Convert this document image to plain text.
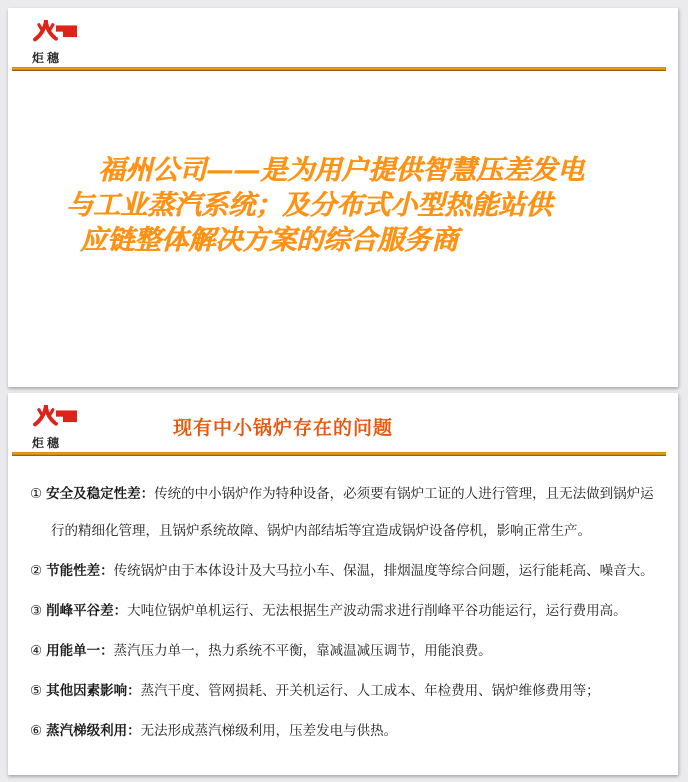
炬穗
福州公司——是为用户提供智慧压差发电
与工业蒸汽系统；及分布式小型热能站供
应链整体解决方案的综合服务商
炬穗
现有中小锅炉存在的问题
① 安全及稳定性差：传统的中小锅炉作为特种设备，必须要有锅炉工证的人进行管理，且无法做到锅炉运行的精细化管理，且锅炉系统故障、锅炉内部结垢等宜造成锅炉设备停机，影响正常生产。
② 节能性差：传统锅炉由于本体设计及大马拉小车、保温，排烟温度等综合问题，运行能耗高、噪音大。
③ 削峰平谷差：大吨位锅炉单机运行、无法根据生产波动需求进行削峰平谷功能运行，运行费用高。
④ 用能单一：蒸汽压力单一，热力系统不平衡，靠减温减压调节，用能浪费。
⑤ 其他因素影响：蒸汽干度、管网损耗、开关机运行、人工成本、年检费用、锅炉维修费用等；
⑥ 蒸汽梯级利用：无法形成蒸汽梯级利用，压差发电与供热。
